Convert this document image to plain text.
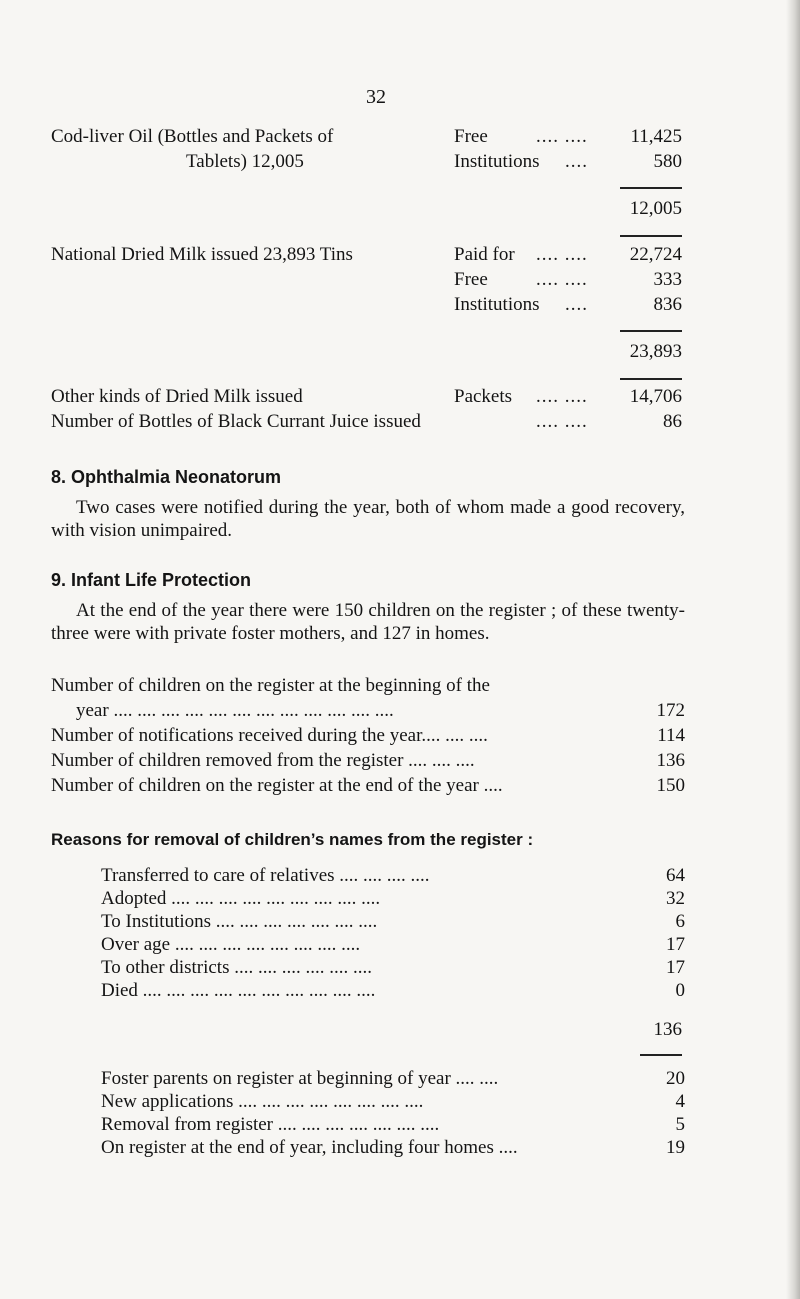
32
Cod-liver Oil (Bottles and Packets of
Tablets) 12,005
Free	.... ....	11,425
Institutions ....	580
12,005
National Dried Milk issued 23,893 Tins	Paid for .... ....	22,724
Free	.... ....	333
Institutions ....	836
23,893
Other kinds of Dried Milk issued	Packets .... ....	14,706
Number of Bottles of Black Currant Juice issued	.... ....	86
8. Ophthalmia Neonatorum
Two cases were notified during the year, both of whom made a good recovery, with vision unimpaired.
9. Infant Life Protection
At the end of the year there were 150 children on the register ; of these twenty-three were with private foster mothers, and 127 in homes.
Number of children on the register at the beginning of the
year .... .... .... .... .... .... .... .... .... .... .... ....	172
Number of notifications received during the year.... .... ....	114
Number of children removed from the register .... .... ....	136
Number of children on the register at the end of the year ....	150
Reasons for removal of children’s names from the register :
Transferred to care of relatives .... .... .... ....	64
Adopted .... .... .... .... .... .... .... .... ....	32
To Institutions .... .... .... .... .... .... ....	6
Over age .... .... .... .... .... .... .... ....	17
To other districts .... .... .... .... .... ....	17
Died .... .... .... .... .... .... .... .... .... ....	0
136
Foster parents on register at beginning of year .... ....	20
New applications .... .... .... .... .... .... .... ....	4
Removal from register .... .... .... .... .... .... ....	5
On register at the end of year, including four homes ....	19
